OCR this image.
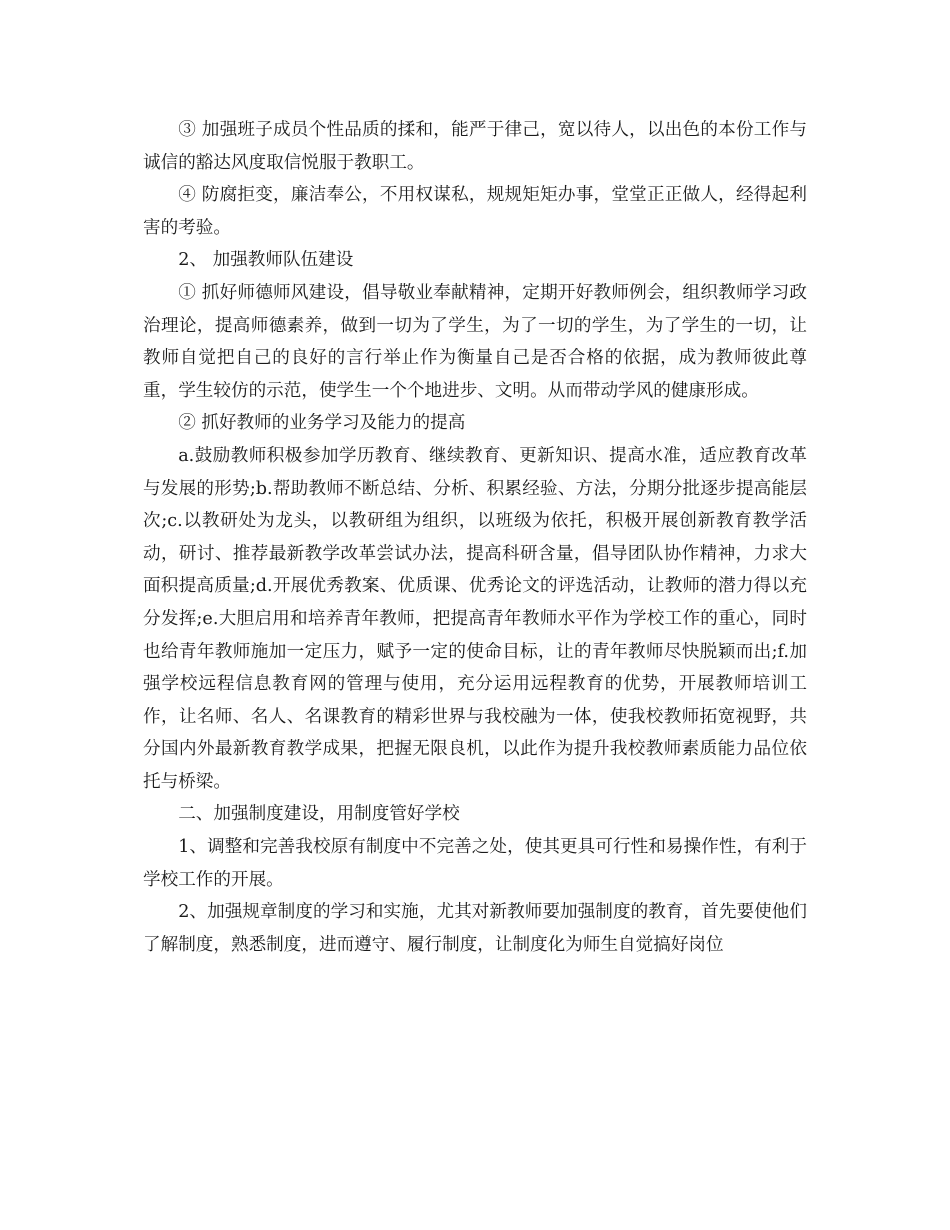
③ 加强班子成员个性品质的揉和，能严于律己，宽以待人，以出色的本份工作与诚信的豁达风度取信悦服于教职工。

④ 防腐拒变，廉洁奉公，不用权谋私，规规矩矩办事，堂堂正正做人，经得起利害的考验。

2、 加强教师队伍建设

① 抓好师德师风建设，倡导敬业奉献精神，定期开好教师例会，组织教师学习政治理论，提高师德素养，做到一切为了学生，为了一切的学生，为了学生的一切，让教师自觉把自己的良好的言行举止作为衡量自己是否合格的依据，成为教师彼此尊重，学生较仿的示范，使学生一个个地进步、文明。从而带动学风的健康形成。

② 抓好教师的业务学习及能力的提高

a.鼓励教师积极参加学历教育、继续教育、更新知识、提高水准，适应教育改革与发展的形势;b.帮助教师不断总结、分析、积累经验、方法，分期分批逐步提高能层次;c.以教研处为龙头，以教研组为组织，以班级为依托，积极开展创新教育教学活动，研讨、推荐最新教学改革尝试办法，提高科研含量，倡导团队协作精神，力求大面积提高质量;d.开展优秀教案、优质课、优秀论文的评选活动，让教师的潜力得以充分发挥;e.大胆启用和培养青年教师，把提高青年教师水平作为学校工作的重心，同时也给青年教师施加一定压力，赋予一定的使命目标，让的青年教师尽快脱颖而出;f.加强学校远程信息教育网的管理与使用，充分运用远程教育的优势，开展教师培训工作，让名师、名人、名课教育的精彩世界与我校融为一体，使我校教师拓宽视野，共分国内外最新教育教学成果，把握无限良机，以此作为提升我校教师素质能力品位依托与桥梁。

二、加强制度建设，用制度管好学校

1、调整和完善我校原有制度中不完善之处，使其更具可行性和易操作性，有利于学校工作的开展。

2、加强规章制度的学习和实施，尤其对新教师要加强制度的教育，首先要使他们了解制度，熟悉制度，进而遵守、履行制度，让制度化为师生自觉搞好岗位
